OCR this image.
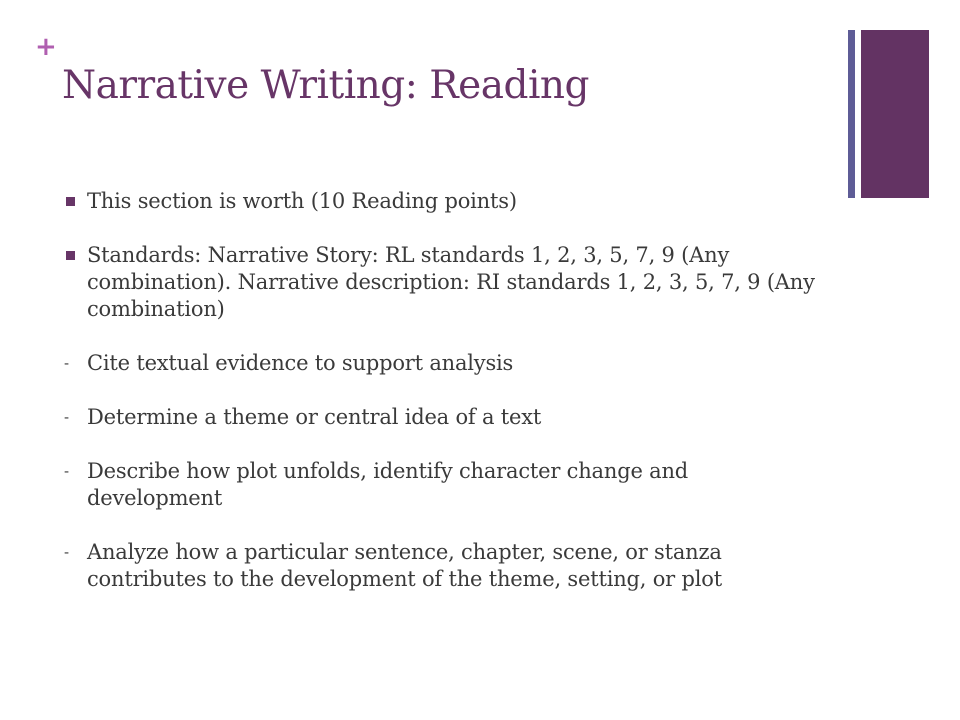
+
Narrative Writing: Reading
This section is worth (10 Reading points)
Standards: Narrative Story: RL standards 1, 2, 3, 5, 7, 9 (Any combination). Narrative description: RI standards 1, 2, 3, 5, 7, 9 (Any combination)
- Cite textual evidence to support analysis
- Determine a theme or central idea of a text
- Describe how plot unfolds, identify character change and development
- Analyze how a particular sentence, chapter, scene, or stanza contributes to the development of the theme, setting, or plot
